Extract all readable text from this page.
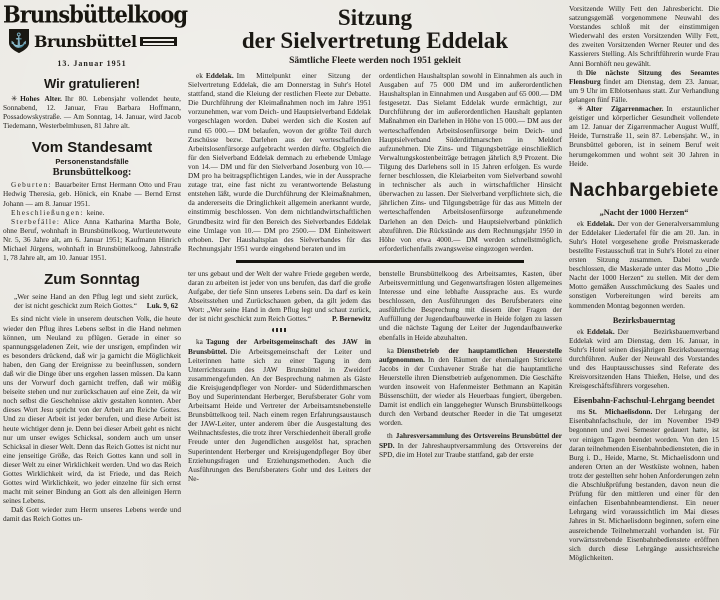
Brunsbüttelkoog
⚓ Brunsbüttel
13. Januar 1951
Wir gratulieren!

✳ Hohes Alter. Ihr 80. Lebensjahr vollendet heute, Sonnabend, 12. Januar, Frau Barbara Hoffmann, Possadowskystraße. — Am Sonntag, 14. Januar, wird Jacob Tiedemann, Westerbelmhusen, 81 Jahre alt.

Vom Standesamt
Personenstandsfälle
Brunsbüttelkoog:

Geburten: Bauarbeiter Ernst Hermann Otto und Frau Hedwig Theresia, geb. Hönick, ein Knabe — Bernd Ernst Johann — am 8. Januar 1951.

Eheschließungen: keine.

Sterbefälle: Alice Anna Katharina Martha Bole, ohne Beruf, wohnhaft in Brunsbüttelkoog, Wurtleutetweute Nr. 5, 36 Jahre alt, am 6. Januar 1951; Kaufmann Hinrich Michael Jürgens, wohnhaft in Brunsbüttelkoog, Jahnstraße 1, 78 Jahre alt, am 10. Januar 1951.

Zum Sonntag

„Wer seine Hand an den Pflug legt und sieht zurück, der ist nicht geschickt zum Reich Gottes.“	Luk. 9, 62

Es sind nicht viele in unserem deutschen Volk, die heute wieder den Pflug ihres Lebens selbst in die Hand nehmen können, um Neuland zu pflügen. Gerade in einer so spannungsgeladenen Zeit, wie der unsrigen, empfinden wir es besonders drückend, daß wir ja garnicht die Möglichkeit haben, den Gang der Ereignisse zu beeinflussen, sondern daß wir die Dinge über uns ergehen lassen müssen. Da kann uns der Vorwurf doch garnicht treffen, daß wir müßig beiseite stehen und nur zurückschauen auf eine Zeit, da wir noch selbst die Geschehnisse aktiv gestalten konnten. Aber dieses Wort Jesu spricht von der Arbeit am Reiche Gottes. Und zu dieser Arbeit ist jeder berufen, und diese Arbeit ist heute wichtiger denn je. Denn bei dieser Arbeit geht es nicht nur um unser ewiges Schicksal, sondern auch um unser Schicksal in dieser Welt. Denn das Reich Gottes ist nicht nur eine jenseitige Größe, das Reich Gottes kann und soll in dieser Welt zu einer Wirklichkeit werden. Und wo das Reich Gottes Wirklichkeit wird, da ist Friede, und das Reich Gottes wird Wirklichkeit, wo jeder einzelne für sich ernst macht mit seiner Bindung an Gott als den alleinigen Herrn seines Lebens.

Daß Gott wieder zum Herrn unseres Lebens werde und damit das Reich Gottes un-

Sitzung
der Sielvertretung Eddelak
Sämtliche Fleete werden noch 1951 gekleit

ek Eddelak. Im Mittelpunkt einer Sitzung der Sielvertretung Eddelak, die am Donnerstag in Suhr's Hotel stattfand, stand die Kleiung der restlichen Fleete zur Debatte. Die Durchführung der Kleimaßnahmen noch im Jahre 1951 vorzunehmen, war vom Deich- und Hauptsielverband Eddelak vorgeschlagen worden. Dabei werden sich die Kosten auf rund 65 000.— DM belaufen, wovon der größte Teil durch Zuschüsse bezw. Darlehen aus der werteschaffenden Arbeitslosenfürsorge aufgebracht werden dürfte. Obgleich die für den Sielverband Eddelak demnach zu erhebende Umlage von 14.— DM und für den Sielverband Josenburg von 10.— DM pro ha beitragspflichtigen Landes, wie in der Aussprache zutage trat, eine fast nicht zu verantwortende Belastung entstehen läßt, wurde die Durchführung der Kleimaßnahmen, da andererseits die Dringlichkeit allgemein anerkannt wurde, einstimmig beschlossen. Von dem nichtlandwirtschaftlichen Grundbesitz wird für den Bereich des Sielverbandes Eddelak eine Umlage von 10.— DM pro 2500.— DM Einheitswert erhoben. Der Haushaltsplan des Sielverbandes für das Rechnungsjahr 1951 wurde eingehend beraten und im

ordentlichen Haushaltsplan sowohl in Einnahmen als auch in Ausgaben auf 75 000 DM und im außerordentlichen Haushaltsplan in Einnahmen und Ausgaben auf 65 000.— DM festgesetzt. Das Sielamt Eddelak wurde ermächtigt, zur Durchführung der im außerordentlichen Haushalt geplanten Maßnahmen ein Darlehen in Höhe von 15 000.— DM aus der werteschaffenden Arbeitslosenfürsorge beim Deich- und Hauptsielverband Süderdithmarschen in Meldorf aufzunehmen. Die Zins- und Tilgungsbeträge einschließlich Verwaltungskostenbeiträge betragen jährlich 8,9 Prozent. Die Tilgung des Darlehens soll in 15 Jahren erfolgen. Es wurde ferner beschlossen, die Kleiarbeiten vom Sielverband sowohl in technischer als auch in wirtschaftlicher Hinsicht überwachen zu lassen. Der Sielverband verpflichtete sich, die jährlichen Zins- und Tilgungsbeträge für das aus Mitteln der werteschaffenden Arbeitslosenfürsorge aufzunehmende Darlehen an den Deich- und Hauptsielverband pünktlich abzuführen. Die Rückstände aus dem Rechnungsjahr 1950 in Höhe von etwa 4000.— DM werden schnellstmöglich, erforderlichenfalls zwangsweise eingezogen werden.

ter uns gebaut und der Welt der wahre Friede gegeben werde, daran zu arbeiten ist jeder von uns berufen, das darf die große Aufgabe, der tiefe Sinn unseres Lebens sein. Da darf es kein Abseitsstehen und Zurückschauen geben, da gilt jedem das Wort: „Wer seine Hand in dem Pflug legt und schaut zurück, der ist nicht geschickt zum Reich Gottes.“	P. Bernewitz

ka Tagung der Arbeitsgemeinschaft des JAW in Brunsbüttel. Die Arbeitsgemeinschaft der Leiter und Leiterinnen hatte sich zu einer Tagung in dem Unterrichtsraum des JAW Brunsbüttel in Zweidorf zusammengefunden. An der Besprechung nahmen als Gäste die Kreisjugendpfleger von Norder- und Süderdithmarschen Boy und Superintendant Herberger, Berufsberater Gohr vom Arbeitsamt Heide und Vertreter der Arbeitsamtsnebenstelle Brunsbüttelkoog teil. Nach einem regen Erfahrungsaustausch der JAW-Leiter, unter anderem über die Ausgestaltung des Weihnachtsfestes, die trotz ihrer Verschiedenheit überall große Freude unter den Jugendlichen ausgelöst hat, sprachen Superintendent Herberger und Kreisjugendpfleger Boy über Erziehungsfragen und Erziehungsmethoden. Auch die Ausführungen des Berufsberaters Gohr und des Leiters der Ne-

benstelle Brunsbüttelkoog des Arbeitsamtes, Kasten, über Arbeitsvermittlung und Gegenwartsfragen lösten allgemeines Interesse und eine lebhafte Aussprache aus. Es wurde beschlossen, den Ausführungen des Berufsberaters eine ausführliche Besprechung mit diesem über Fragen der Auffüllung der Jugendaufbauwerke in Heide folgen zu lassen und die nächste Tagung der Leiter der Jugendaufbauwerke ebenfalls in Heide abzuhalten.

ka Dienstbetrieb der hauptamtlichen Heuerstelle aufgenommen. In den Räumen der ehemaligen Strickerei Jacobs in der Cuxhavener Straße hat die hauptamtliche Heuerstelle ihren Dienstbetrieb aufgenommen. Die Geschäfte wurden insoweit von Hafenmeister Bethmann an Kapitän Büssenschütt, der wieder als Heuerbaas fungiert, übergeben. Damit ist endlich ein langgehegter Wunsch Brunsbüttelkoogs durch den Verband deutscher Reeder in die Tat umgesetzt worden.

th Jahresversammlung des Ortsvereins Brunsbüttel der SPD. In der Jahreshauptversammlung des Ortsvereins der SPD, die im Hotel zur Traube stattfand, gab der erste

Vorsitzende Willy Fett den Jahresbericht. Die satzungsgemäß vorgenommene Neuwahl des Vorstandes schloß mit der einstimmigen Wiederwahl des ersten Vorsitzenden Willy Fett, des zweiten Vorsitzenden Werner Reuter und des Kassierers Stelling. Als Schriftführerin wurde Frau Anni Bornhöft neu gewählt.

th Die nächste Sitzung des Seeamtes Flensburg findet am Dienstag, dem 23. Januar, um 9 Uhr im Elblotsenhaus statt. Zur Verhandlung gelangen fünf Fälle.

✳ Alter Zigarrenmacher. In erstaunlicher geistiger und körperlicher Gesundheit vollendete am 12. Januar der Zigarrenmacher August Wulff, Heide, Turnstraße 11, sein 87. Lebensjahr. W., in Brunsbüttel geboren, ist in seinem Beruf weit herumgekommen und wohnt seit 30 Jahren in Heide.

Nachbargebiete
„Nacht der 1000 Herzen“

ek Eddelak. Der von der Generalversammlung der Eddelaker Liedertafel für die am 20. Jan. in Suhr's Hotel vorgesehene große Preismaskerade bestellte Festausschuß trat in Suhr's Hotel zu einer ersten Sitzung zusammen. Dabei wurde beschlossen, die Maskerade unter das Motto „Die Nacht der 1000 Herzen“ zu stellen. Mit der dem Motto gemäßen Ausschmückung des Saales und sonstigen Vorbereitungen wird bereits am kommenden Montag begonnen werden.

Bezirksbauerntag

ek Eddelak. Der Bezirksbauernverband Eddelak wird am Dienstag, dem 16. Januar, in Suhr's Hotel seinen diesjährigen Bezirksbauerntag durchführen. Außer der Neuwahl des Vorstandes und des Hauptausschusses sind Referate des Kreisvorsitzenden Hans Thießen, Helse, und des Kreisgeschäftsführers vorgesehen.

Eisenbahn-Fachschul-Lehrgang beendet

ms St. Michaelisdonn. Der Lehrgang der Eisenbahnfachschule, der im November 1949 begonnen und zwei Semester gedauert hatte, ist vor einigen Tagen beendet worden. Von den 15 daran teilnehmenden Eisenbahnbediensteten, die in Burg i. D., Heide, Marne, St. Michaelisdonn und anderen Orten an der Westküste wohnen, haben trotz der gestellten sehr hohen Anforderungen zehn die Abschlußprüfung bestanden, davon neun die Prüfung für den mittleren und einer für den einfachen Eisenbahnbeamtendienst. Ein neuer Lehrgang wird voraussichtlich im Mai dieses Jahres in St. Michaelisdonn beginnen, sofern eine ausreichende Teilnehmerzahl vorhanden ist. Für vorwärtsstrebende Eisenbahnbedienstete eröffnen sich durch diese Lehrgänge aussichtsreiche Möglichkeiten.
